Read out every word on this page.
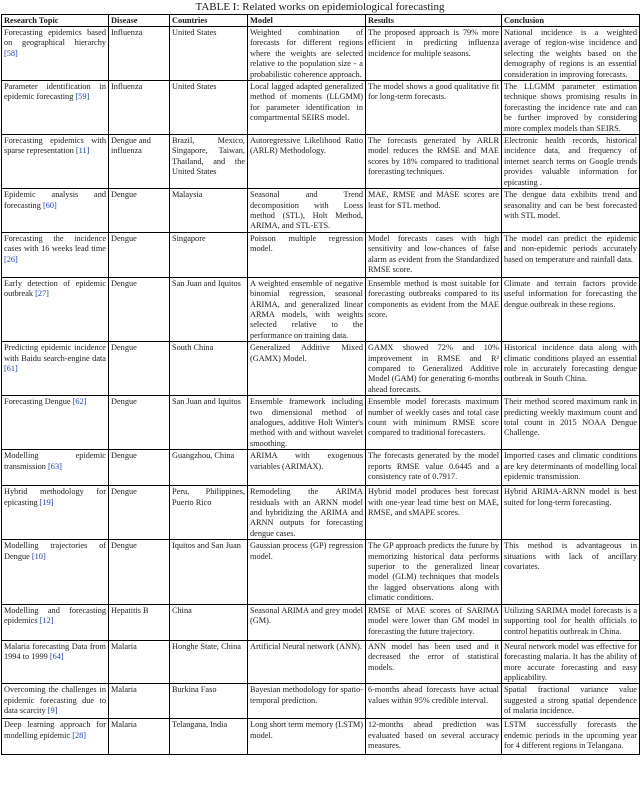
TABLE I: Related works on epidemiological forecasting
Research Topic	Disease	Countries	Model	Results	Conclusion
Forecasting epidemics based on geographical hierarchy [58]	Influenza	United States	Weighted combination of forecasts for different regions where the weights are selected relative to the population size - a probabilistic coherence approach.	The proposed approach is 79% more efficient in predicting influenza incidence for multiple seasons.	National incidence is a weighted average of region-wise incidence and selecting the weights based on the demography of regions is an essential consideration in improving forecasts.
Parameter identification in epidemic forecasting [59]	Influenza	United States	Local lagged adapted generalized method of moments (LLGMM) for parameter identification in compartmental SEIRS model.	The model shows a good qualitative fit for long-term forecasts.	The LLGMM parameter estimation technique shows promising results in forecasting the incidence rate and can be further improved by considering more complex models than SEIRS.
Forecasting epidemics with sparse representation [11]	Dengue and influenza	Brazil, Mexico, Singapore, Taiwan, Thailand, and the United States	Autoregressive Likelihood Ratio (ARLR) Methodology.	The forecasts generated by ARLR model reduces the RMSE and MAE scores by 18% compared to traditional forecasting techniques.	Electronic health records, historical incidence data, and frequency of internet search terms on Google trends provides valuable information for epicasting .
Epidemic analysis and forecasting [60]	Dengue	Malaysia	Seasonal and Trend decomposition with Loess method (STL), Holt Method, ARIMA, and STL-ETS.	MAE, RMSE and MASE scores are least for STL method.	The dengue data exhibits trend and seasonality and can be best forecasted with STL model.
Forecasting the incidence cases with 16 weeks lead time [26]	Dengue	Singapore	Poisson multiple regression model.	Model forecasts cases with high sensitivity and low-chances of false alarm as evident from the Standardized RMSE score.	The model can predict the epidemic and non-epidemic periods accurately based on temperature and rainfall data.
Early detection of epidemic outbreak [27]	Dengue	San Juan and Iquitos	A weighted ensemble of negative binomial regression, seasonal ARIMA, and generalized linear ARMA models, with weights selected relative to the performance on training data.	Ensemble method is most suitable for forecasting outbreaks compared to its components as evident from the MAE score.	Climate and terrain factors provide useful information for forecasting the dengue outbreak in these regions.
Predicting epidemic incidence with Baidu search-engine data [61]	Dengue	South China	Generalized Additive Mixed (GAMX) Model.	GAMX showed 72% and 10% improvement in RMSE and R² compared to Generalized Additive Model (GAM) for generating 6-months ahead forecasts.	Historical incidence data along with climatic conditions played an essential role in accurately forecasting dengue outbreak in South China.
Forecasting Dengue [62]	Dengue	San Juan and Iquitos	Ensemble framework including two dimensional method of analogues, additive Holt Winter's method with and without wavelet smoothing.	Ensemble model forecasts maximum number of weekly cases and total case count with minimum RMSE score compared to traditional forecasters.	Their method scored maximum rank in predicting weekly maximum count and total count in 2015 NOAA Dengue Challenge.
Modelling epidemic transmission [63]	Dengue	Guangzhou, China	ARIMA with exogenous variables (ARIMAX).	The forecasts generated by the model reports RMSE value 0.6445 and a consistency rate of 0.7917.	Imported cases and climatic conditions are key determinants of modelling local epidemic transmission.
Hybrid methodology for epicasting [19]	Dengue	Peru, Philippines, Puerto Rico	Remodeling the ARIMA residuals with an ARNN model and hybridizing the ARIMA and ARNN outputs for forecasting dengue cases.	Hybrid model produces best forecast with one-year lead time best on MAE, RMSE, and sMAPE scores.	Hybrid ARIMA-ARNN model is best suited for long-term forecasting.
Modelling trajectories of Dengue [10]	Dengue	Iquitos and San Juan	Gaussian process (GP) regression model.	The GP approach predicts the future by memorizing historical data performs superior to the generalized linear model (GLM) techniques that models the lagged observations along with climatic conditions.	This method is advantageous in situations with lack of ancillary covariates.
Modelling and forecasting epidemics [12]	Hepatitis B	China	Seasonal ARIMA and grey model (GM).	RMSE of MAE scores of SARIMA model were lower than GM model in forecasting the future trajectory.	Utilizing SARIMA model forecasts is a supporting tool for health officials to control hepatitis outbreak in China.
Malaria forecasting Data from 1994 to 1999 [64]	Malaria	Honghe State, China	Artificial Neural network (ANN).	ANN model has been used and it decreased the error of statistical models.	Neural network model was effective for forecasting malaria. It has the ability of more accurate forecasting and easy applicability.
Overcoming the challenges in epidemic forecasting due to data scarcity [9]	Malaria	Burkina Faso	Bayesian methodology for spatio-temporal prediction.	6-months ahead forecasts have actual values within 95% credible interval.	Spatial fractional variance value suggested a strong spatial dependence of malaria incidence.
Deep learning approach for modelling epidemic [28]	Malaria	Telangana, India	Long short term memory (LSTM) model.	12-months ahead prediction was evaluated based on several accuracy measures.	LSTM successfully forecasts the endemic periods in the upcoming year for 4 different regions in Telangana.
